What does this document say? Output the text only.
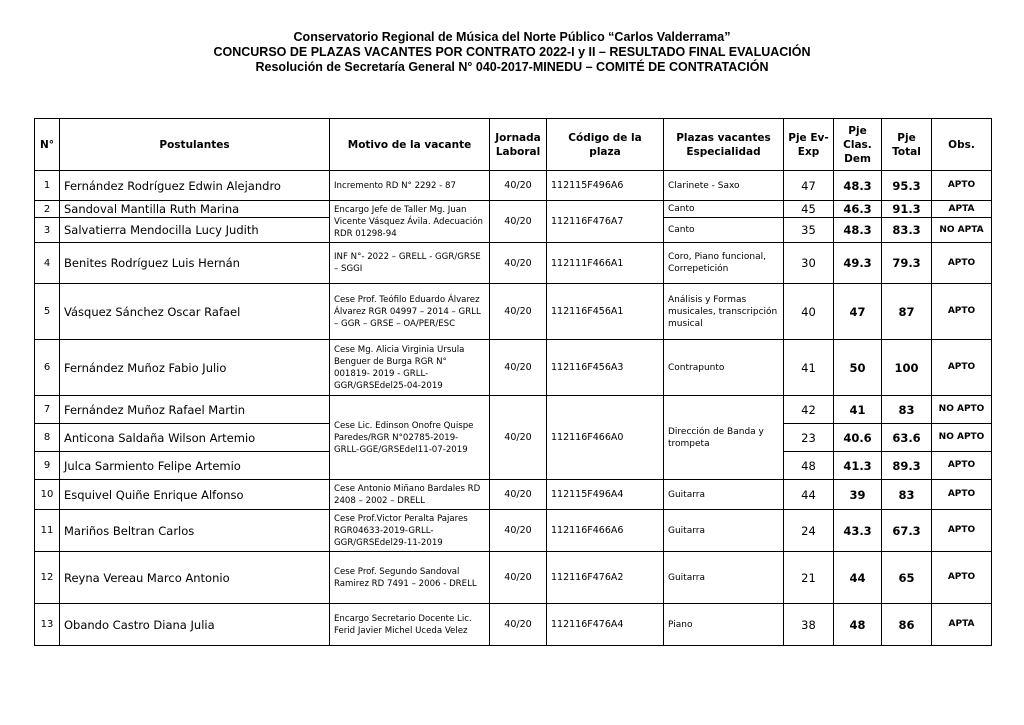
Conservatorio Regional de Música del Norte Público “Carlos Valderrama”
CONCURSO DE PLAZAS VACANTES POR CONTRATO 2022-I y II – RESULTADO FINAL EVALUACIÓN
Resolución de Secretaría General N° 040-2017-MINEDU – COMITÉ DE CONTRATACIÓN
N°	Postulantes	Motivo de la vacante	Jornada Laboral	Código de la plaza	Plazas vacantes Especialidad	Pje Ev-Exp	Pje Clas. Dem	Pje Total	Obs.
1	Fernández Rodríguez Edwin Alejandro	Incremento RD N° 2292 - 87	40/20	112115F496A6	Clarinete - Saxo	47	48.3	95.3	APTO
2	Sandoval Mantilla Ruth Marina	Encargo Jefe de Taller Mg. Juan Vicente Vásquez Ávila. Adecuación RDR 01298-94	40/20	112116F476A7	Canto	45	46.3	91.3	APTA
3	Salvatierra Mendocilla Lucy Judith				Canto	35	48.3	83.3	NO APTA
4	Benites Rodríguez Luis Hernán	INF N°- 2022 – GRELL - GGR/GRSE – SGGI	40/20	112111F466A1	Coro, Piano funcional, Correpetición	30	49.3	79.3	APTO
5	Vásquez Sánchez Oscar Rafael	Cese Prof. Teófilo Eduardo Álvarez Álvarez RGR 04997 – 2014 – GRLL – GGR – GRSE – OA/PER/ESC	40/20	112116F456A1	Análisis y Formas musicales, transcripción musical	40	47	87	APTO
6	Fernández Muñoz Fabio Julio	Cese Mg. Alicia Virginia Ursula Benguer de Burga RGR N° 001819- 2019 - GRLL-GGR/GRSEdel25-04-2019	40/20	112116F456A3	Contrapunto	41	50	100	APTO
7	Fernández Muñoz Rafael Martin	Cese Lic. Edinson Onofre Quispe Paredes/RGR N°02785-2019- GRLL-GGE/GRSEdel11-07-2019	40/20	112116F466A0	Dirección de Banda y trompeta	42	41	83	NO APTO
8	Anticona Saldaña Wilson Artemio					23	40.6	63.6	NO APTO
9	Julca Sarmiento Felipe Artemio					48	41.3	89.3	APTO
10	Esquivel Quiñe Enrique Alfonso	Cese Antonio Miñano Bardales RD 2408 – 2002 – DRELL	40/20	112115F496A4	Guitarra	44	39	83	APTO
11	Mariños Beltran Carlos	Cese Prof.Victor Peralta Pajares RGR04633-2019-GRLL-GGR/GRSEdel29-11-2019	40/20	112116F466A6	Guitarra	24	43.3	67.3	APTO
12	Reyna Vereau Marco Antonio	Cese Prof. Segundo Sandoval Ramirez RD 7491 – 2006 - DRELL	40/20	112116F476A2	Guitarra	21	44	65	APTO
13	Obando Castro Diana Julia	Encargo Secretario Docente Lic. Ferid Javier Michel Uceda Velez	40/20	112116F476A4	Piano	38	48	86	APTA
